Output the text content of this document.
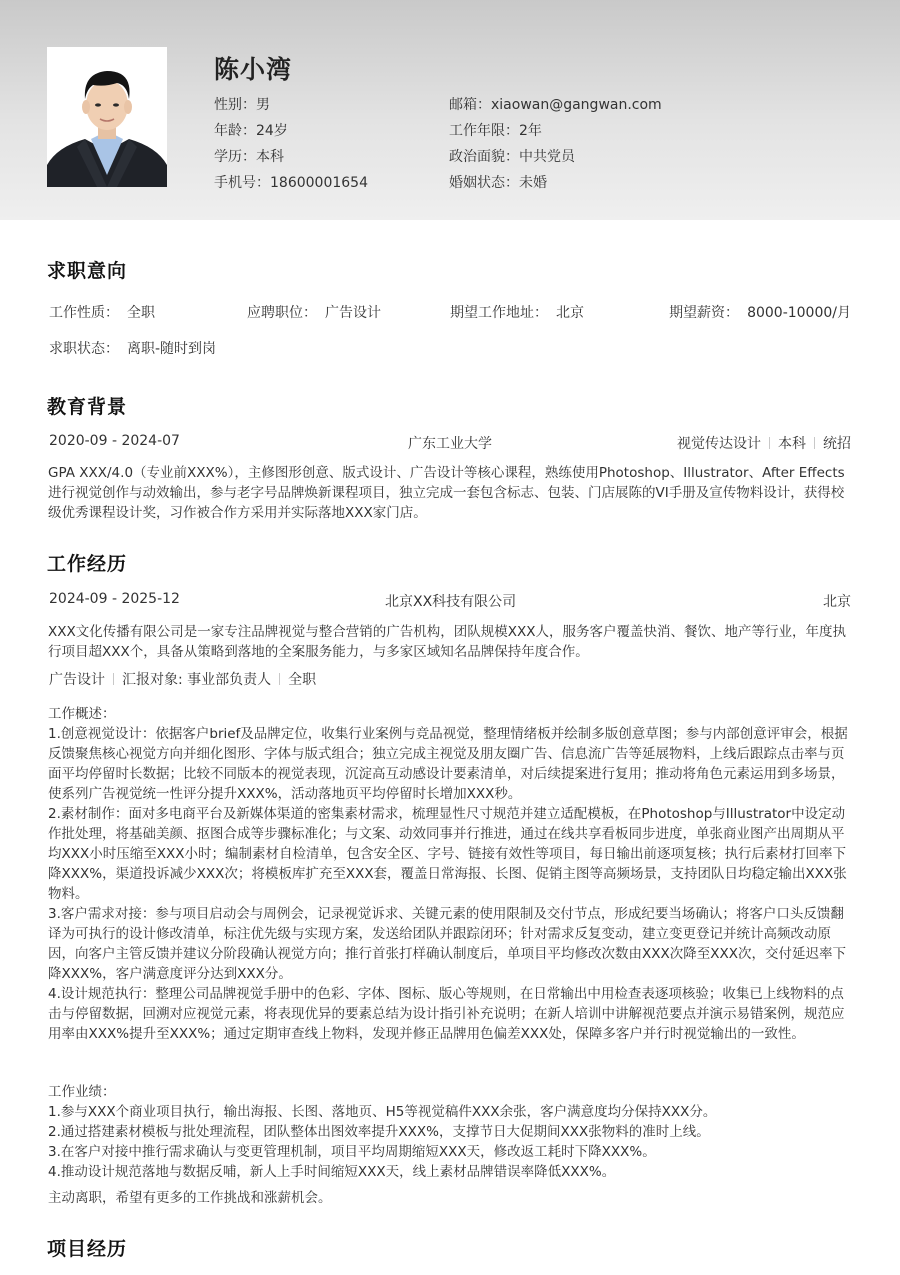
陈小湾
性别：男
年龄：24岁
学历：本科
手机号：18600001654
邮箱：xiaowan@gangwan.com
工作年限：2年
政治面貌：中共党员
婚姻状态：未婚
求职意向
工作性质： 全职	应聘职位： 广告设计	期望工作地址： 北京	期望薪资： 8000-10000/月
求职状态： 离职-随时到岗
教育背景
2020-09 - 2024-07	广东工业大学	视觉传达设计 本科 统招
GPA XXX/4.0（专业前XXX%），主修图形创意、版式设计、广告设计等核心课程，熟练使用Photoshop、Illustrator、After Effects进行视觉创作与动效输出，参与老字号品牌焕新课程项目，独立完成一套包含标志、包装、门店展陈的VI手册及宣传物料设计，获得校级优秀课程设计奖，习作被合作方采用并实际落地XXX家门店。
工作经历
2024-09 - 2025-12	北京XX科技有限公司	北京
XXX文化传播有限公司是一家专注品牌视觉与整合营销的广告机构，团队规模XXX人，服务客户覆盖快消、餐饮、地产等行业，年度执行项目超XXX个，具备从策略到落地的全案服务能力，与多家区域知名品牌保持年度合作。
广告设计 汇报对象: 事业部负责人 全职
工作概述：
1.创意视觉设计：依据客户brief及品牌定位，收集行业案例与竞品视觉，整理情绪板并绘制多版创意草图；参与内部创意评审会，根据反馈聚焦核心视觉方向并细化图形、字体与版式组合；独立完成主视觉及朋友圈广告、信息流广告等延展物料，上线后跟踪点击率与页面平均停留时长数据；比较不同版本的视觉表现，沉淀高互动感设计要素清单，对后续提案进行复用；推动将角色元素运用到多场景，使系列广告视觉统一性评分提升XXX%，活动落地页平均停留时长增加XXX秒。
2.素材制作：面对多电商平台及新媒体渠道的密集素材需求，梳理显性尺寸规范并建立适配模板，在Photoshop与Illustrator中设定动作批处理，将基础美颜、抠图合成等步骤标准化；与文案、动效同事并行推进，通过在线共享看板同步进度，单张商业图产出周期从平均XXX小时压缩至XXX小时；编制素材自检清单，包含安全区、字号、链接有效性等项目，每日输出前逐项复核；执行后素材打回率下降XXX%，渠道投诉减少XXX次；将模板库扩充至XXX套，覆盖日常海报、长图、促销主图等高频场景，支持团队日均稳定输出XXX张物料。
3.客户需求对接：参与项目启动会与周例会，记录视觉诉求、关键元素的使用限制及交付节点，形成纪要当场确认；将客户口头反馈翻译为可执行的设计修改清单，标注优先级与实现方案，发送给团队并跟踪闭环；针对需求反复变动，建立变更登记并统计高频改动原因，向客户主管反馈并建议分阶段确认视觉方向；推行首张打样确认制度后，单项目平均修改次数由XXX次降至XXX次，交付延迟率下降XXX%，客户满意度评分达到XXX分。
4.设计规范执行：整理公司品牌视觉手册中的色彩、字体、图标、版心等规则，在日常输出中用检查表逐项核验；收集已上线物料的点击与停留数据，回溯对应视觉元素，将表现优异的要素总结为设计指引补充说明；在新人培训中讲解视范要点并演示易错案例，规范应用率由XXX%提升至XXX%；通过定期审查线上物料，发现并修正品牌用色偏差XXX处，保障多客户并行时视觉输出的一致性。
工作业绩：
1.参与XXX个商业项目执行，输出海报、长图、落地页、H5等视觉稿件XXX余张，客户满意度均分保持XXX分。
2.通过搭建素材模板与批处理流程，团队整体出图效率提升XXX%，支撑节日大促期间XXX张物料的准时上线。
3.在客户对接中推行需求确认与变更管理机制，项目平均周期缩短XXX天，修改返工耗时下降XXX%。
4.推动设计规范落地与数据反哺，新人上手时间缩短XXX天，线上素材品牌错误率降低XXX%。
主动离职，希望有更多的工作挑战和涨薪机会。
项目经历
